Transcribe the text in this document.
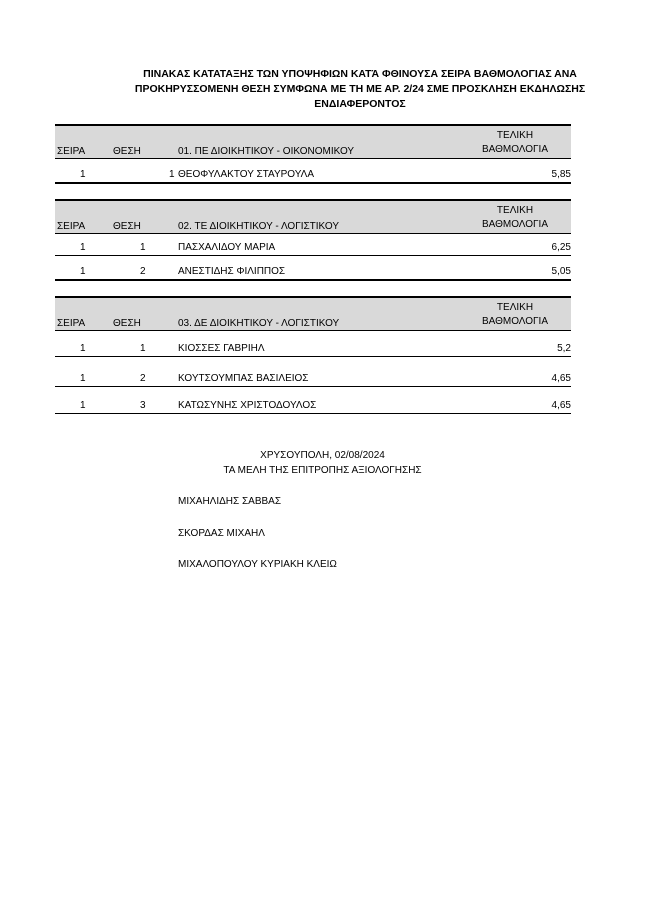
ΠΙΝΑΚΑΣ ΚΑΤΑΤΑΞΗΣ ΤΩΝ ΥΠΟΨΗΦΙΩΝ ΚΑΤΆ ΦΘΙΝΟΥΣΑ ΣΕΙΡΑ ΒΑΘΜΟΛΟΓΙΑΣ ΑΝΑ
ΠΡΟΚΗΡΥΣΣΟΜΕΝΗ ΘΕΣΗ ΣΥΜΦΩΝΑ ΜΕ ΤΗ ΜΕ ΑΡ. 2/24 ΣΜΕ ΠΡΟΣΚΛΗΣΗ ΕΚΔΗΛΩΣΗΣ
ΕΝΔΙΑΦΕΡΟΝΤΟΣ
ΣΕΙΡΑ	ΘΕΣΗ	01. ΠΕ ΔΙΟΙΚΗΤΙΚΟΥ - ΟΙΚΟΝΟΜΙΚΟΥ
ΤΕΛΙΚΗ
ΒΑΘΜΟΛΟΓΙΑ
1	1 ΘΕΟΦΥΛΑΚΤΟΥ ΣΤΑΥΡΟΥΛΑ	5,85
ΣΕΙΡΑ	ΘΕΣΗ	02. ΤΕ ΔΙΟΙΚΗΤΙΚΟΥ - ΛΟΓΙΣΤΙΚΟΥ
ΤΕΛΙΚΗ
ΒΑΘΜΟΛΟΓΙΑ
1	1	ΠΑΣΧΑΛΙΔΟΥ ΜΑΡΙΑ	6,25
1	2	ΑΝΕΣΤΙΔΗΣ ΦΙΛΙΠΠΟΣ	5,05
ΣΕΙΡΑ	ΘΕΣΗ	03. ΔΕ ΔΙΟΙΚΗΤΙΚΟΥ - ΛΟΓΙΣΤΙΚΟΥ
ΤΕΛΙΚΗ
ΒΑΘΜΟΛΟΓΙΑ
1	1	ΚΙΟΣΣΕΣ ΓΑΒΡΙΗΛ	5,2
1	2	ΚΟΥΤΣΟΥΜΠΑΣ ΒΑΣΙΛΕΙΟΣ	4,65
1	3	ΚΑΤΩΣΥΝΗΣ ΧΡΙΣΤΟΔΟΥΛΟΣ	4,65
ΧΡΥΣΟΥΠΟΛΗ, 02/08/2024
ΤΑ ΜΕΛΗ ΤΗΣ ΕΠΙΤΡΟΠΗΣ ΑΞΙΟΛΟΓΗΣΗΣ
ΜΙΧΑΗΛΙΔΗΣ ΣΑΒΒΑΣ
ΣΚΟΡΔΑΣ ΜΙΧΑΗΛ
ΜΙΧΑΛΟΠΟΥΛΟΥ ΚΥΡΙΑΚΗ ΚΛΕΙΩ
